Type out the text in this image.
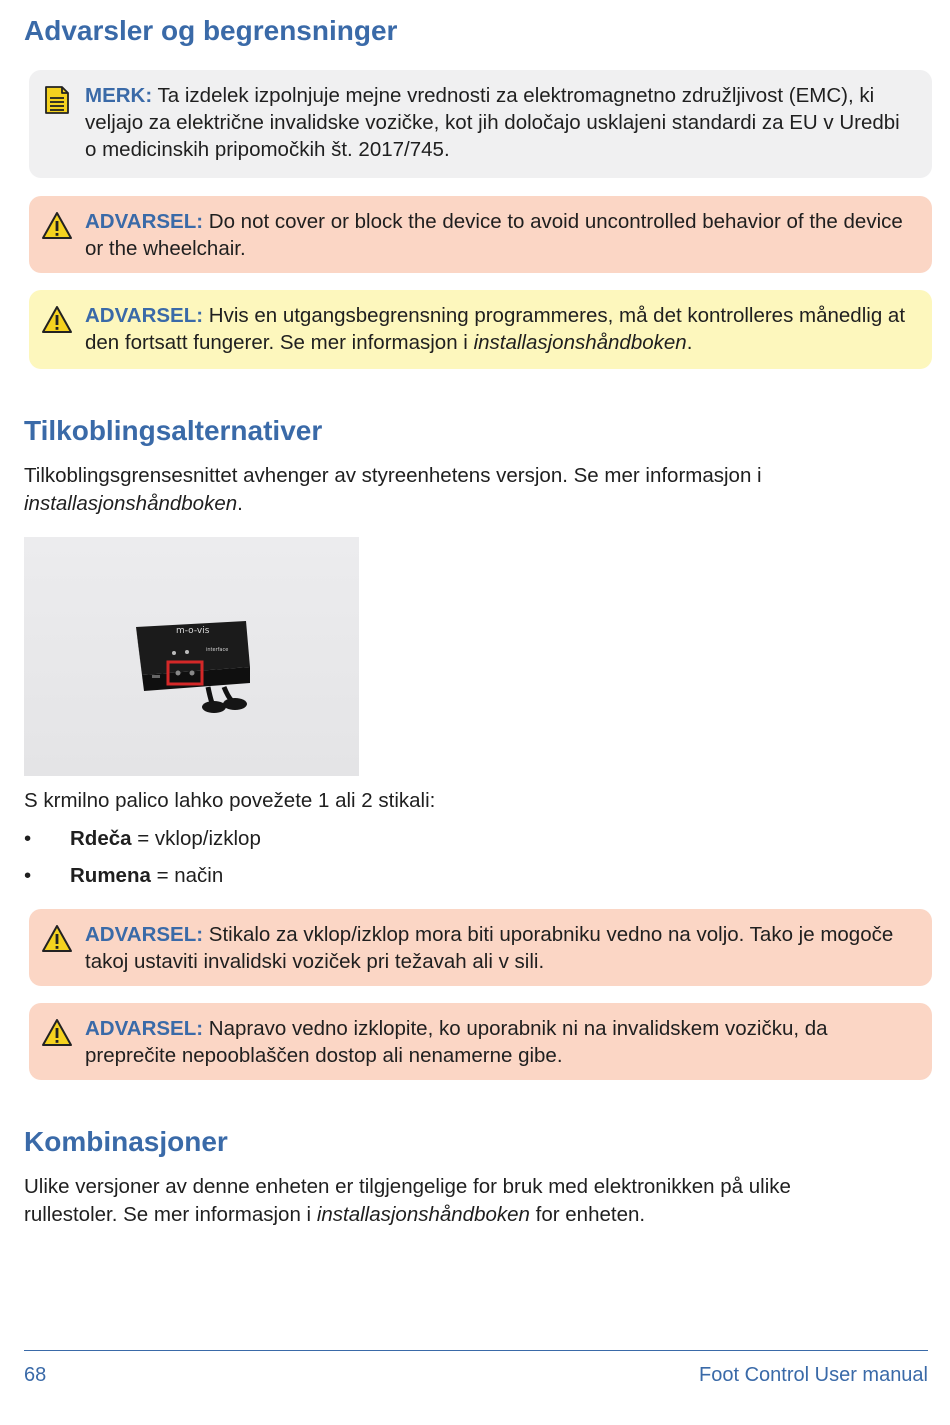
Advarsler og begrensninger
MERK: Ta izdelek izpolnjuje mejne vrednosti za elektromagnetno združljivost (EMC), ki veljajo za električne invalidske vozičke, kot jih določajo usklajeni standardi za EU v Uredbi o medicinskih pripomočkih št. 2017/745.
ADVARSEL: Do not cover or block the device to avoid uncontrolled behavior of the device or the wheelchair.
ADVARSEL: Hvis en utgangsbegrensning programmeres, må det kontrolleres månedlig at den fortsatt fungerer. Se mer informasjon i installasjonshåndboken.
Tilkoblingsalternativer

Tilkoblingsgrensesnittet avhenger av styreenhetens versjon. Se mer informasjon i installasjonshåndboken.

m-o-vis
interface

S krmilno palico lahko povežete 1 ali 2 stikali:

• Rdeča = vklop/izklop
• Rumena = način
ADVARSEL: Stikalo za vklop/izklop mora biti uporabniku vedno na voljo. Tako je mogoče takoj ustaviti invalidski voziček pri težavah ali v sili.
ADVARSEL: Napravo vedno izklopite, ko uporabnik ni na invalidskem vozičku, da preprečite nepooblaščen dostop ali nenamerne gibe.
Kombinasjoner

Ulike versjoner av denne enheten er tilgjengelige for bruk med elektronikken på ulike rullestoler. Se mer informasjon i installasjonshåndboken for enheten.

68	Foot Control User manual
